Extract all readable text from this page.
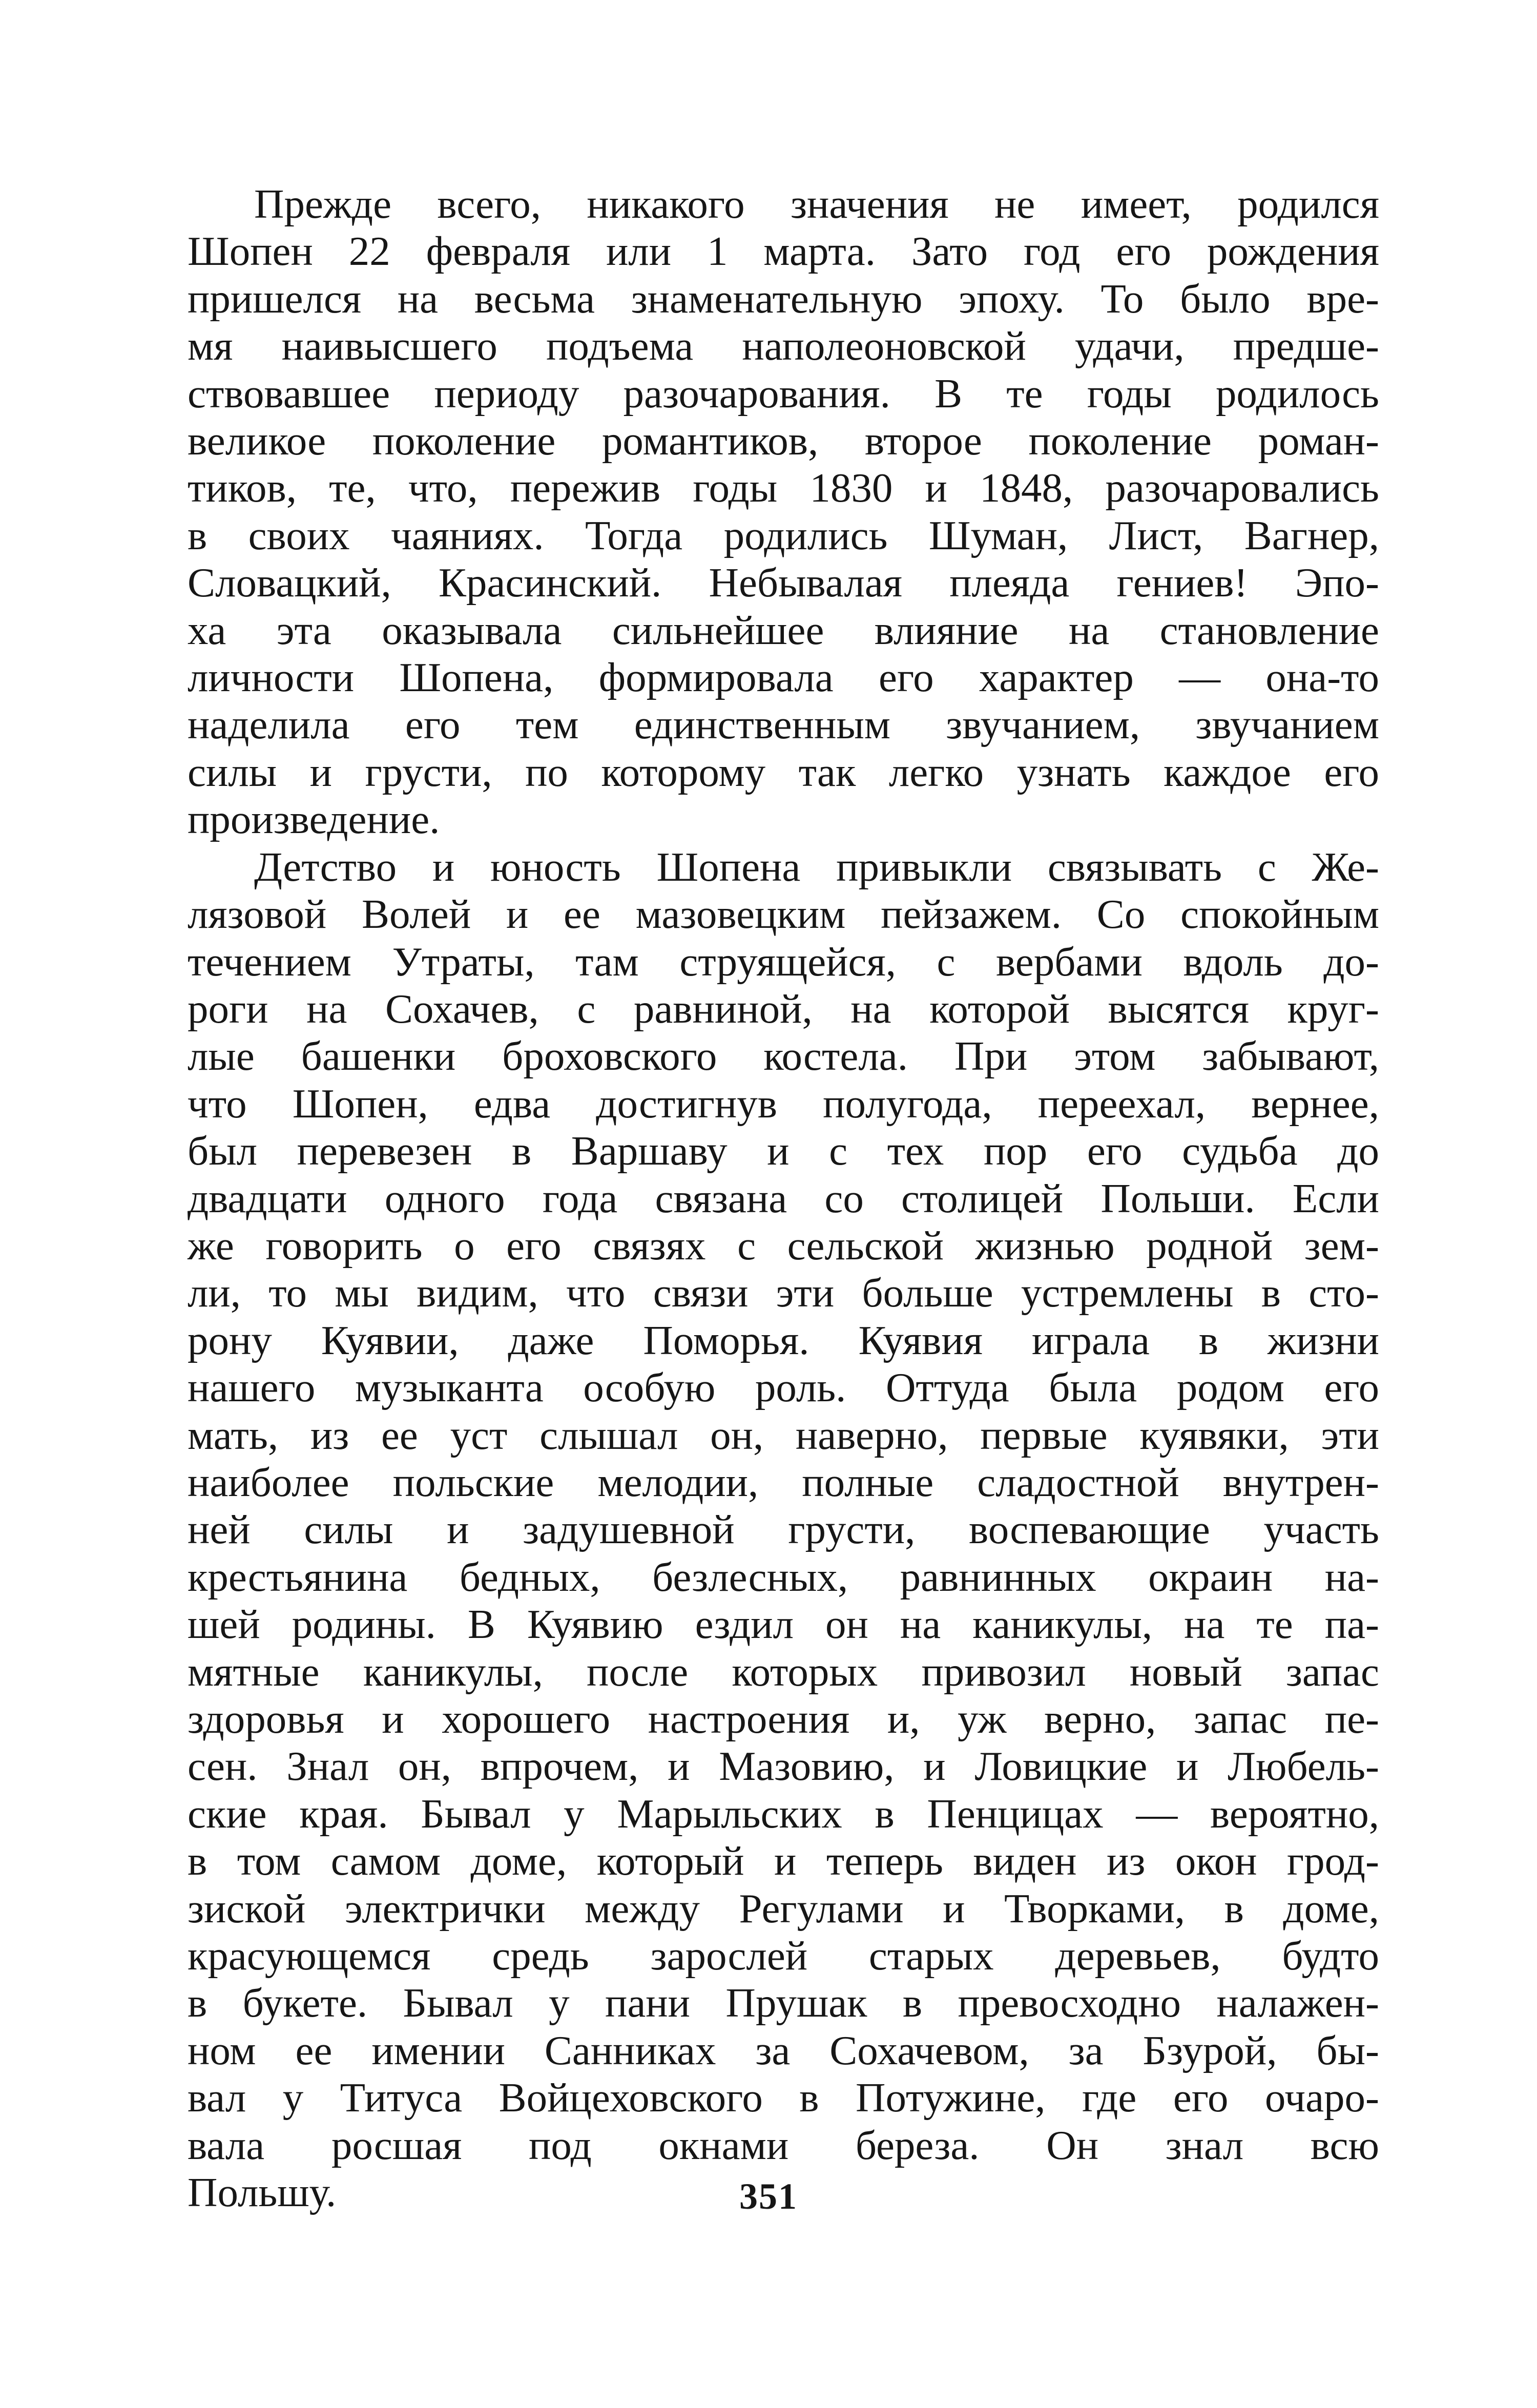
Прежде всего, никакого значения не имеет, родился
Шопен 22 февраля или 1 марта. Зато год его рождения
пришелся на весьма знаменательную эпоху. То было вре-
мя наивысшего подъема наполеоновской удачи, предше-
ствовавшее периоду разочарования. В те годы родилось
великое поколение романтиков, второе поколение роман-
тиков, те, что, пережив годы 1830 и 1848, разочаровались
в своих чаяниях. Тогда родились Шуман, Лист, Вагнер,
Словацкий, Красинский. Небывалая плеяда гениев! Эпо-
ха эта оказывала сильнейшее влияние на становление
личности Шопена, формировала его характер — она-то
наделила его тем единственным звучанием, звучанием
силы и грусти, по которому так легко узнать каждое его
произведение.

Детство и юность Шопена привыкли связывать с Же-
лязовой Волей и ее мазовецким пейзажем. Со спокойным
течением Утраты, там струящейся, с вербами вдоль до-
роги на Сохачев, с равниной, на которой высятся круг-
лые башенки броховского костела. При этом забывают,
что Шопен, едва достигнув полугода, переехал, вернее,
был перевезен в Варшаву и с тех пор его судьба до
двадцати одного года связана со столицей Польши. Если
же говорить о его связях с сельской жизнью родной зем-
ли, то мы видим, что связи эти больше устремлены в сто-
рону Куявии, даже Поморья. Куявия играла в жизни
нашего музыканта особую роль. Оттуда была родом его
мать, из ее уст слышал он, наверно, первые куявяки, эти
наиболее польские мелодии, полные сладостной внутрен-
ней силы и задушевной грусти, воспевающие участь
крестьянина бедных, безлесных, равнинных окраин на-
шей родины. В Куявию ездил он на каникулы, на те па-
мятные каникулы, после которых привозил новый запас
здоровья и хорошего настроения и, уж верно, запас пе-
сен. Знал он, впрочем, и Мазовию, и Ловицкие и Любель-
ские края. Бывал у Марыльских в Пенцицах — вероятно,
в том самом доме, который и теперь виден из окон грод-
зиской электрички между Регулами и Творками, в доме,
красующемся средь зарослей старых деревьев, будто
в букете. Бывал у пани Прушак в превосходно налажен-
ном ее имении Санниках за Сохачевом, за Бзурой, бы-
вал у Титуса Войцеховского в Потужине, где его очаро-
вала росшая под окнами береза. Он знал всю
Польшу.	351
